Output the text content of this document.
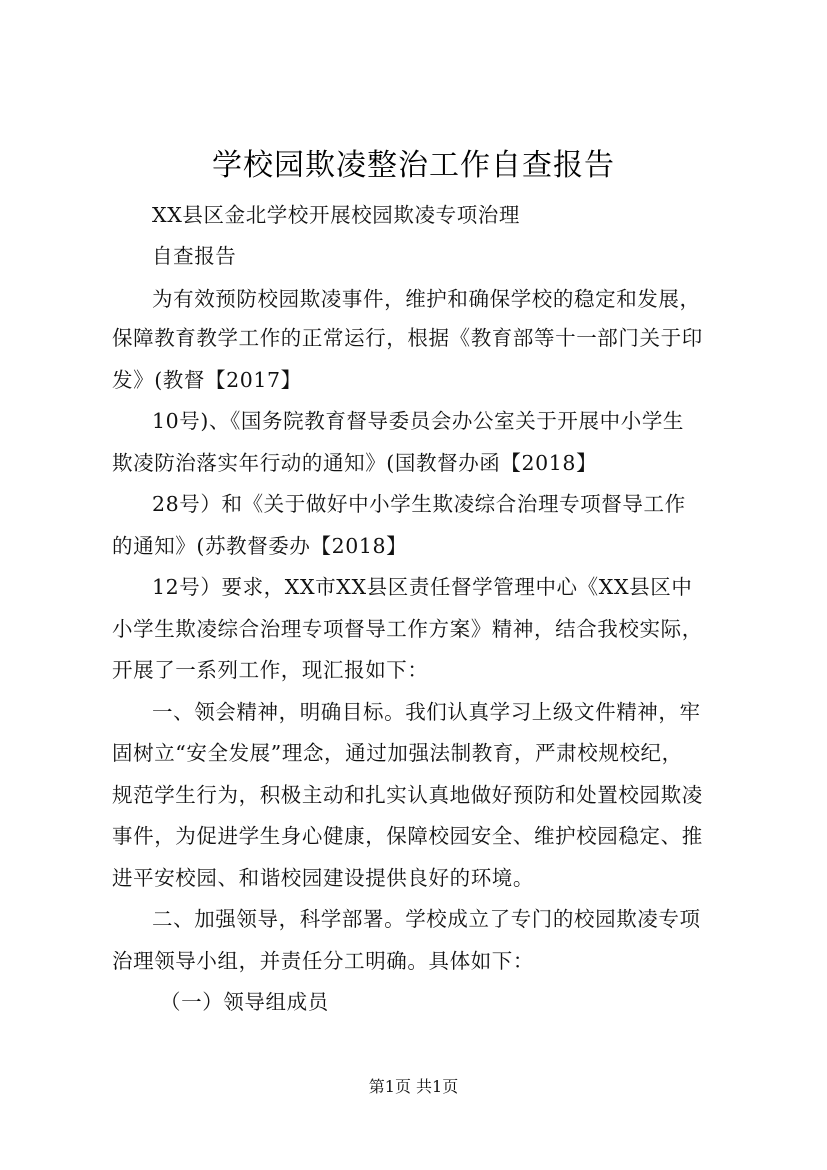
学校园欺凌整治工作自查报告
XX县区金北学校开展校园欺凌专项治理
自查报告
为有效预防校园欺凌事件，维护和确保学校的稳定和发展，
保障教育教学工作的正常运行，根据《教育部等十一部门关于印
发》(教督【2017】
10号)、《国务院教育督导委员会办公室关于开展中小学生
欺凌防治落实年行动的通知》(国教督办函【2018】
28号）和《关于做好中小学生欺凌综合治理专项督导工作
的通知》(苏教督委办【2018】
12号）要求，XX市XX县区责任督学管理中心《XX县区中
小学生欺凌综合治理专项督导工作方案》精神，结合我校实际，
开展了一系列工作，现汇报如下：
一、领会精神，明确目标。我们认真学习上级文件精神，牢
固树立“安全发展”理念，通过加强法制教育，严肃校规校纪，
规范学生行为，积极主动和扎实认真地做好预防和处置校园欺凌
事件，为促进学生身心健康，保障校园安全、维护校园稳定、推
进平安校园、和谐校园建设提供良好的环境。
二、加强领导，科学部署。学校成立了专门的校园欺凌专项
治理领导小组，并责任分工明确。具体如下：
（一）领导组成员
第1页 共1页
